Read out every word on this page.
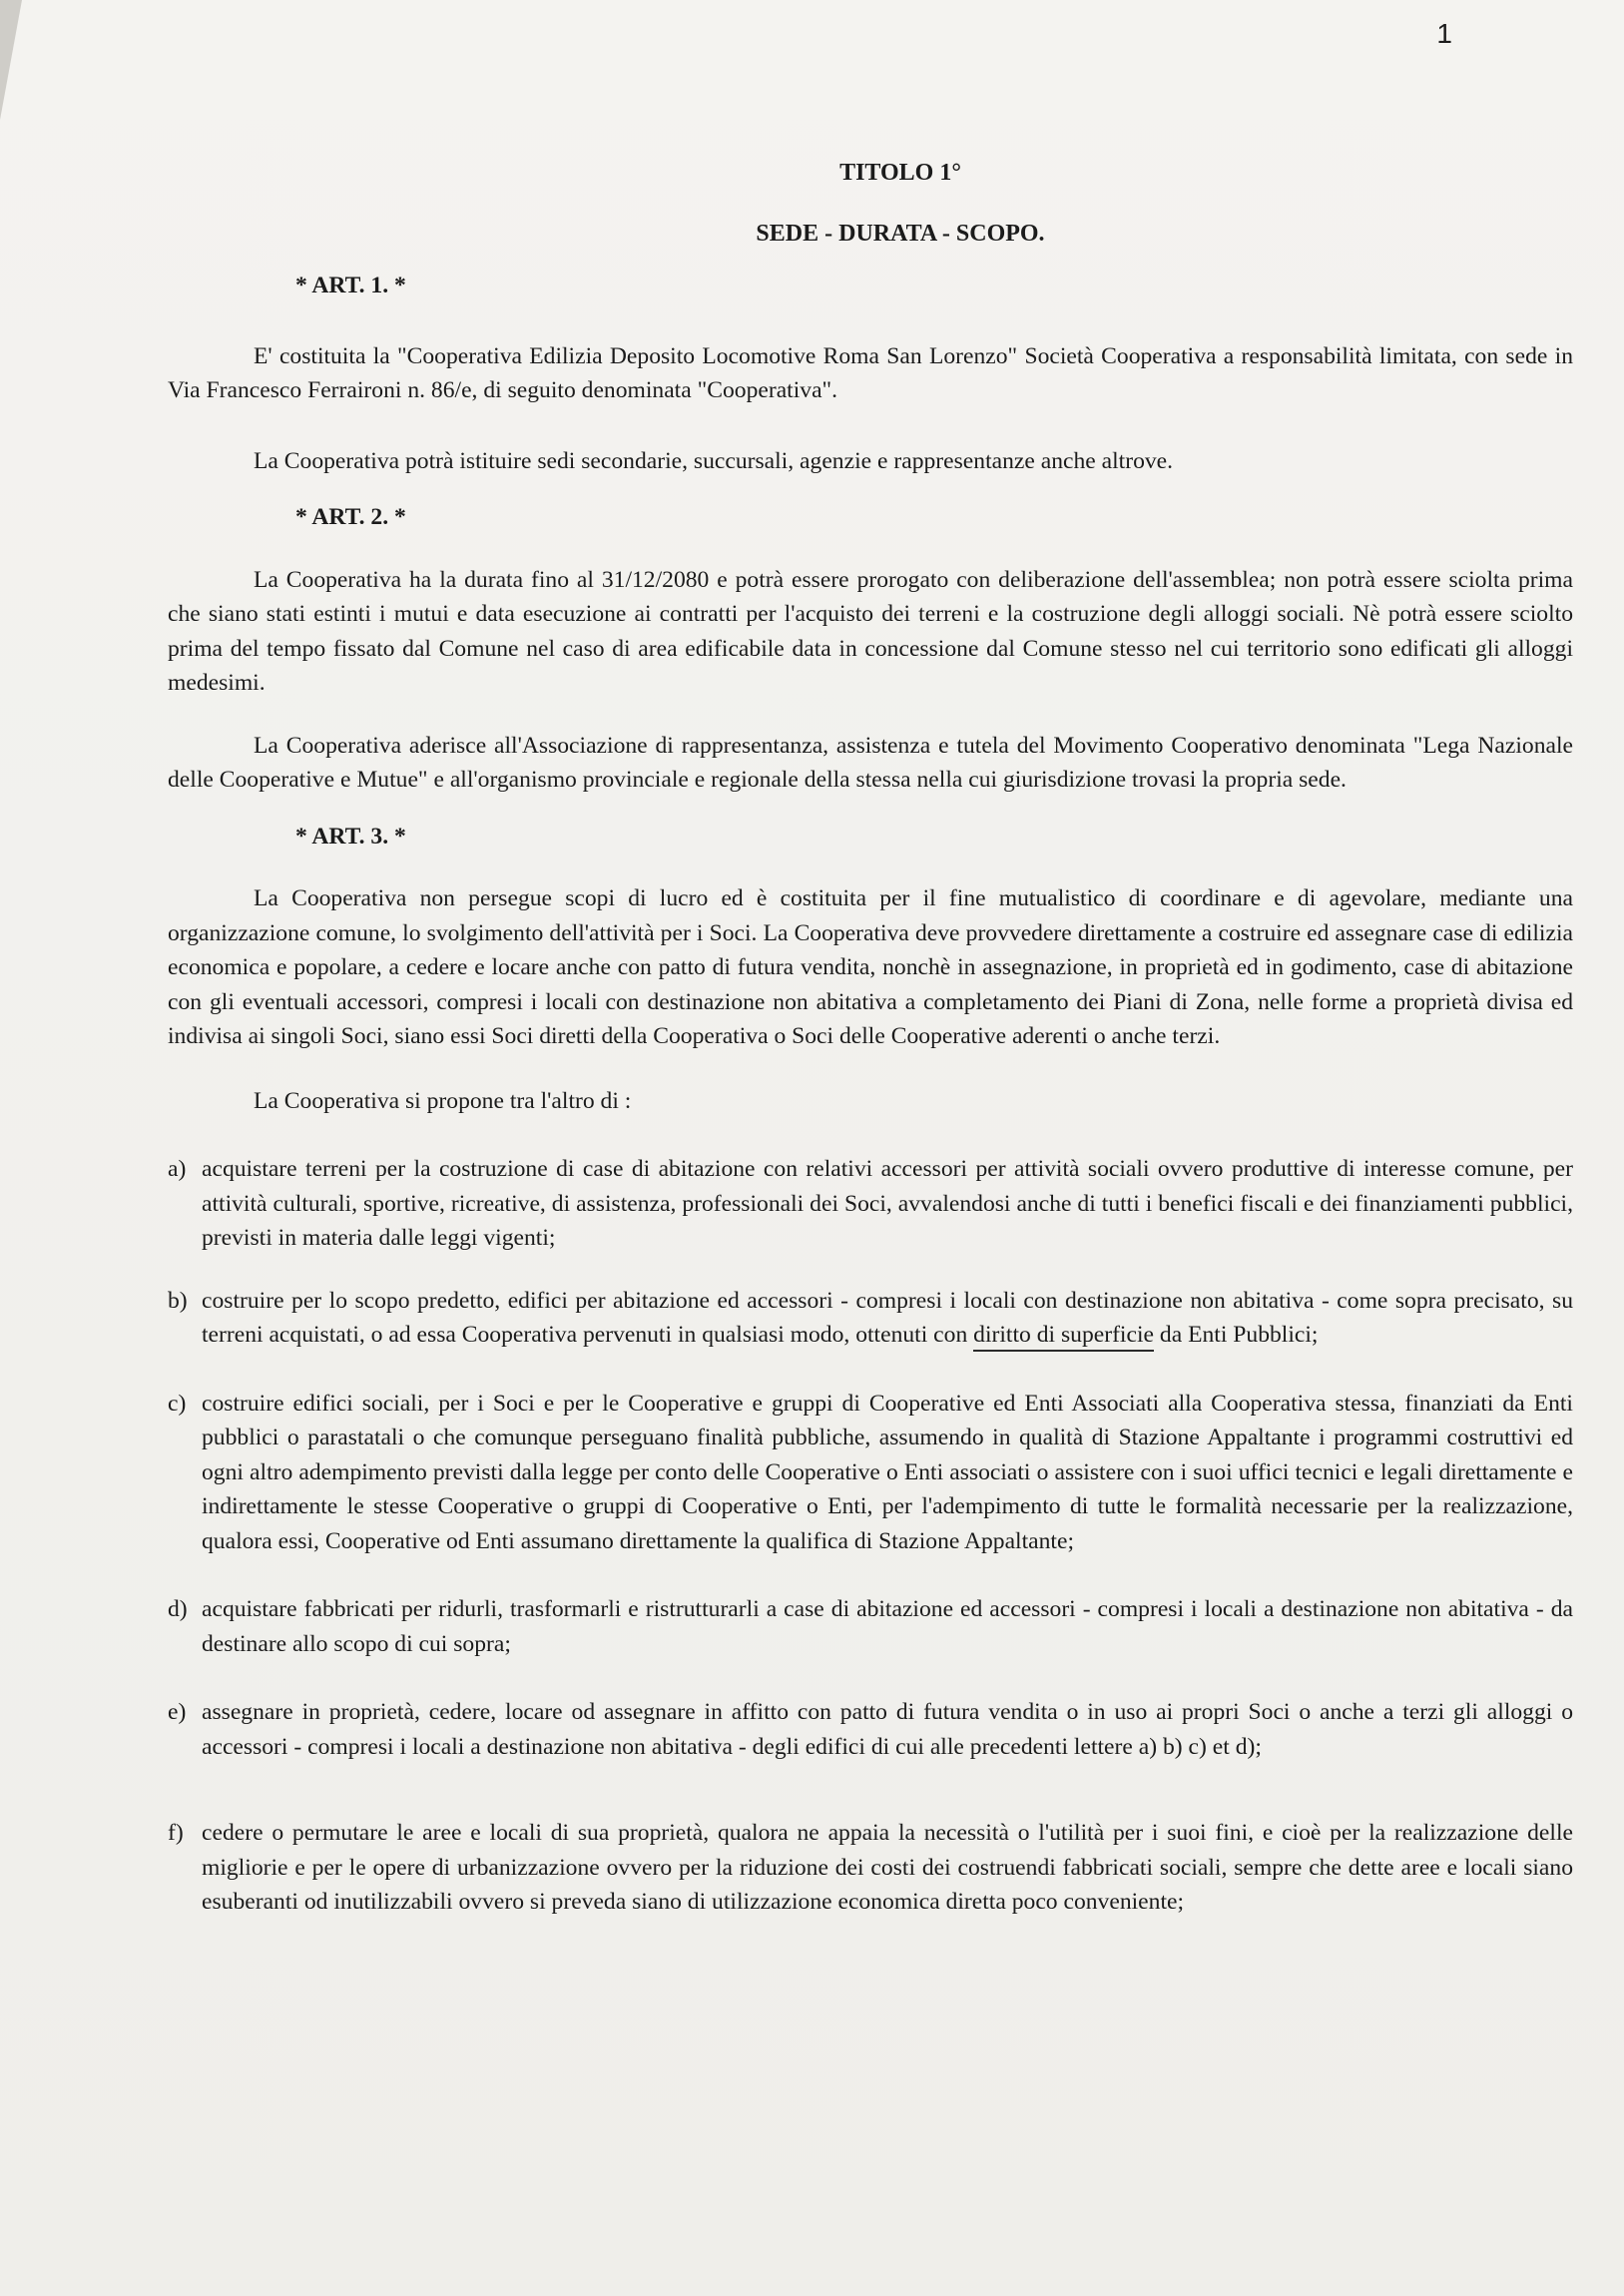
1

TITOLO 1°

SEDE - DURATA - SCOPO.

* ART. 1. *

E' costituita la "Cooperativa Edilizia Deposito Locomotive Roma San Lorenzo" Società Cooperativa a responsabilità limitata, con sede in Via Francesco Ferraironi n. 86/e, di seguito denominata "Cooperativa".

La Cooperativa potrà istituire sedi secondarie, succursali, agenzie e rappresentanze anche altrove.

* ART. 2. *

La Cooperativa ha la durata fino al 31/12/2080 e potrà essere prorogato con deliberazione dell'assemblea; non potrà essere sciolta prima che siano stati estinti i mutui e data esecuzione ai contratti per l'acquisto dei terreni e la costruzione degli alloggi sociali. Nè potrà essere sciolto prima del tempo fissato dal Comune nel caso di area edificabile data in concessione dal Comune stesso nel cui territorio sono edificati gli alloggi medesimi.

La Cooperativa aderisce all'Associazione di rappresentanza, assistenza e tutela del Movimento Cooperativo denominata "Lega Nazionale delle Cooperative e Mutue" e all'organismo provinciale e regionale della stessa nella cui giurisdizione trovasi la propria sede.

* ART. 3. *

La Cooperativa non persegue scopi di lucro ed è costituita per il fine mutualistico di coordinare e di agevolare, mediante una organizzazione comune, lo svolgimento dell'attività per i Soci. La Cooperativa deve provvedere direttamente a costruire ed assegnare case di edilizia economica e popolare, a cedere e locare anche con patto di futura vendita, nonchè in assegnazione, in proprietà ed in godimento, case di abitazione con gli eventuali accessori, compresi i locali con destinazione non abitativa a completamento dei Piani di Zona, nelle forme a proprietà divisa ed indivisa ai singoli Soci, siano essi Soci diretti della Cooperativa o Soci delle Cooperative aderenti o anche terzi.

La Cooperativa si propone tra l'altro di :

a) acquistare terreni per la costruzione di case di abitazione con relativi accessori per attività sociali ovvero produttive di interesse comune, per attività culturali, sportive, ricreative, di assistenza, professionali dei Soci, avvalendosi anche di tutti i benefici fiscali e dei finanziamenti pubblici, previsti in materia dalle leggi vigenti;
b) costruire per lo scopo predetto, edifici per abitazione ed accessori - compresi i locali con destinazione non abitativa - come sopra precisato, su terreni acquistati, o ad essa Cooperativa pervenuti in qualsiasi modo, ottenuti con diritto di superficie da Enti Pubblici;
c) costruire edifici sociali, per i Soci e per le Cooperative e gruppi di Cooperative ed Enti Associati alla Cooperativa stessa, finanziati da Enti pubblici o parastatali o che comunque perseguano finalità pubbliche, assumendo in qualità di Stazione Appaltante i programmi costruttivi ed ogni altro adempimento previsti dalla legge per conto delle Cooperative o Enti associati o assistere con i suoi uffici tecnici e legali direttamente e indirettamente le stesse Cooperative o gruppi di Cooperative o Enti, per l'adempimento di tutte le formalità necessarie per la realizzazione, qualora essi, Cooperative od Enti assumano direttamente la qualifica di Stazione Appaltante;
d) acquistare fabbricati per ridurli, trasformarli e ristrutturarli a case di abitazione ed accessori - compresi i locali a destinazione non abitativa - da destinare allo scopo di cui sopra;
e) assegnare in proprietà, cedere, locare od assegnare in affitto con patto di futura vendita o in uso ai propri Soci o anche a terzi gli alloggi o accessori - compresi i locali a destinazione non abitativa - degli edifici di cui alle precedenti lettere a) b) c) et d);
f) cedere o permutare le aree e locali di sua proprietà, qualora ne appaia la necessità o l'utilità per i suoi fini, e cioè per la realizzazione delle migliorie e per le opere di urbanizzazione ovvero per la riduzione dei costi dei costruendi fabbricati sociali, sempre che dette aree e locali siano esuberanti od inutilizzabili ovvero si preveda siano di utilizzazione economica diretta poco conveniente;
